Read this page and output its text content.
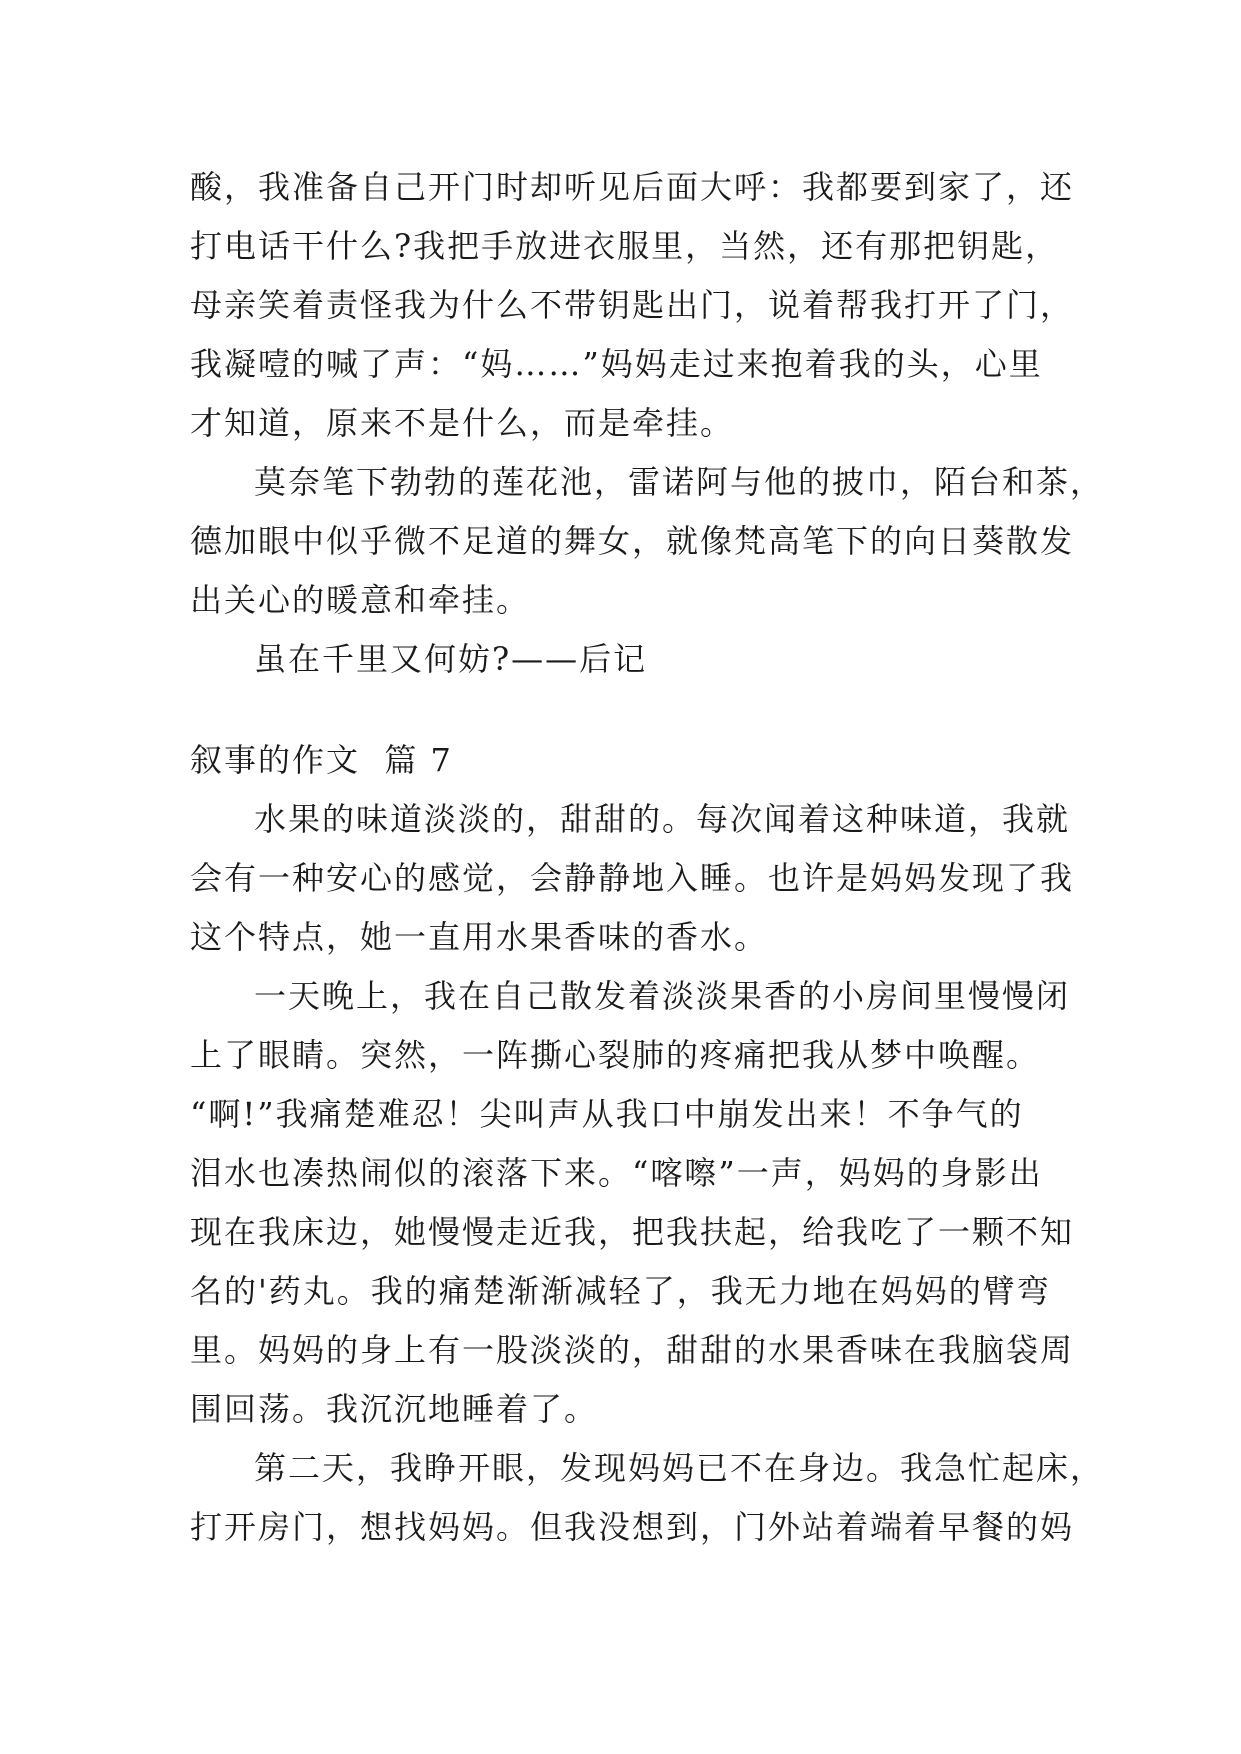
酸，我准备自己开门时却听见后面大呼：我都要到家了，还

打电话干什么?我把手放进衣服里，当然，还有那把钥匙，

母亲笑着责怪我为什么不带钥匙出门，说着帮我打开了门，

我凝噎的喊了声：“妈……”妈妈走过来抱着我的头，心里

才知道，原来不是什么，而是牵挂。

莫奈笔下勃勃的莲花池，雷诺阿与他的披巾，陌台和茶，

德加眼中似乎微不足道的舞女，就像梵高笔下的向日葵散发

出关心的暖意和牵挂。

虽在千里又何妨?——后记

叙事的作文  篇 7

水果的味道淡淡的，甜甜的。每次闻着这种味道，我就

会有一种安心的感觉，会静静地入睡。也许是妈妈发现了我

这个特点，她一直用水果香味的香水。

一天晚上，我在自己散发着淡淡果香的小房间里慢慢闭

上了眼睛。突然，一阵撕心裂肺的疼痛把我从梦中唤醒。

“啊!”我痛楚难忍！尖叫声从我口中崩发出来！不争气的

泪水也凑热闹似的滚落下来。“喀嚓”一声，妈妈的身影出

现在我床边，她慢慢走近我，把我扶起，给我吃了一颗不知

名的'药丸。我的痛楚渐渐减轻了，我无力地在妈妈的臂弯

里。妈妈的身上有一股淡淡的，甜甜的水果香味在我脑袋周

围回荡。我沉沉地睡着了。

第二天，我睁开眼，发现妈妈已不在身边。我急忙起床，

打开房门，想找妈妈。但我没想到，门外站着端着早餐的妈
